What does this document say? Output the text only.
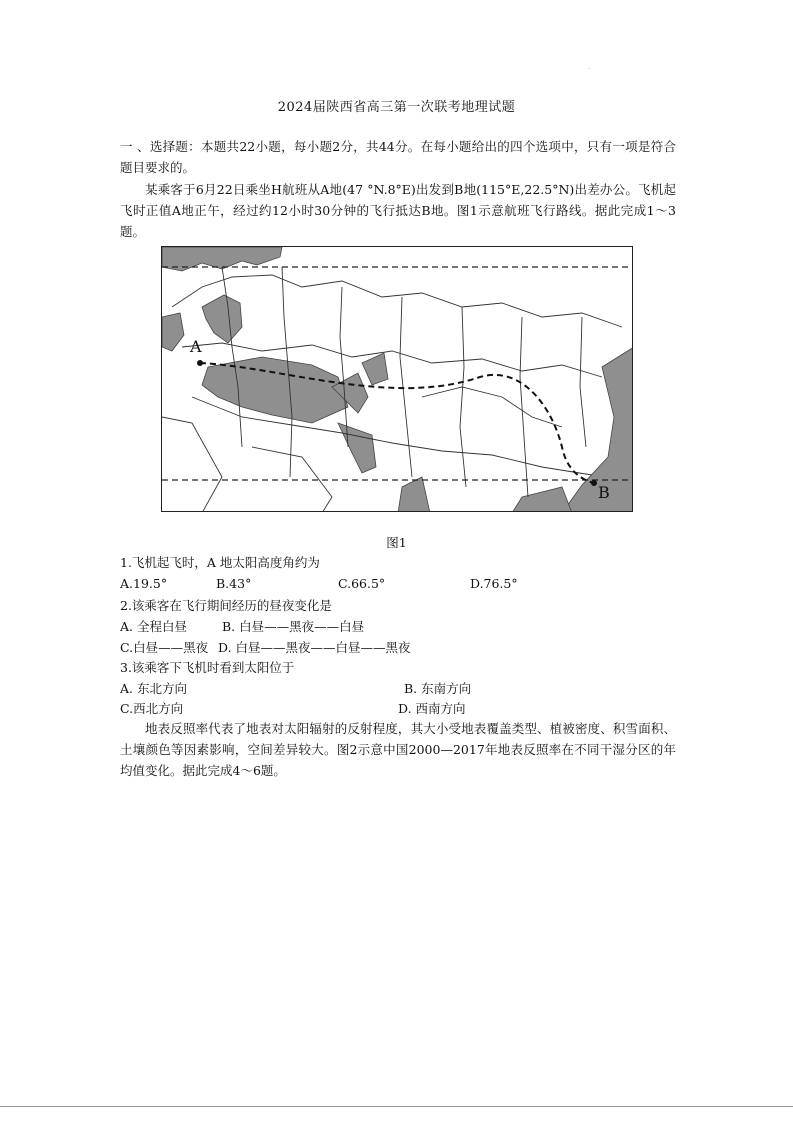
·
2024届陕西省高三第一次联考地理试题
一 、选择题：本题共22小题，每小题2分，共44分。在每小题给出的四个选项中，只有一项是符合题目要求的。
某乘客于6月22日乘坐H航班从A地(47 °N.8°E)出发到B地(115°E,22.5°N)出差办公。飞机起飞时正值A地正午，经过约12小时30分钟的飞行抵达B地。图1示意航班飞行路线。据此完成1～3题。
A
B
图1
1.飞机起飞时，A 地太阳高度角约为
A.19.5°	B.43°	C.66.5°	D.76.5°
2.该乘客在飞行期间经历的昼夜变化是
A. 全程白昼	B. 白昼——黑夜——白昼
C.白昼——黑夜 D. 白昼——黑夜——白昼——黑夜
3.该乘客下飞机时看到太阳位于
A. 东北方向	B. 东南方向
C.西北方向	D. 西南方向
地表反照率代表了地表对太阳辐射的反射程度，其大小受地表覆盖类型、植被密度、积雪面积、土壤颜色等因素影响，空间差异较大。图2示意中国2000—2017年地表反照率在不同干湿分区的年均值变化。据此完成4～6题。
